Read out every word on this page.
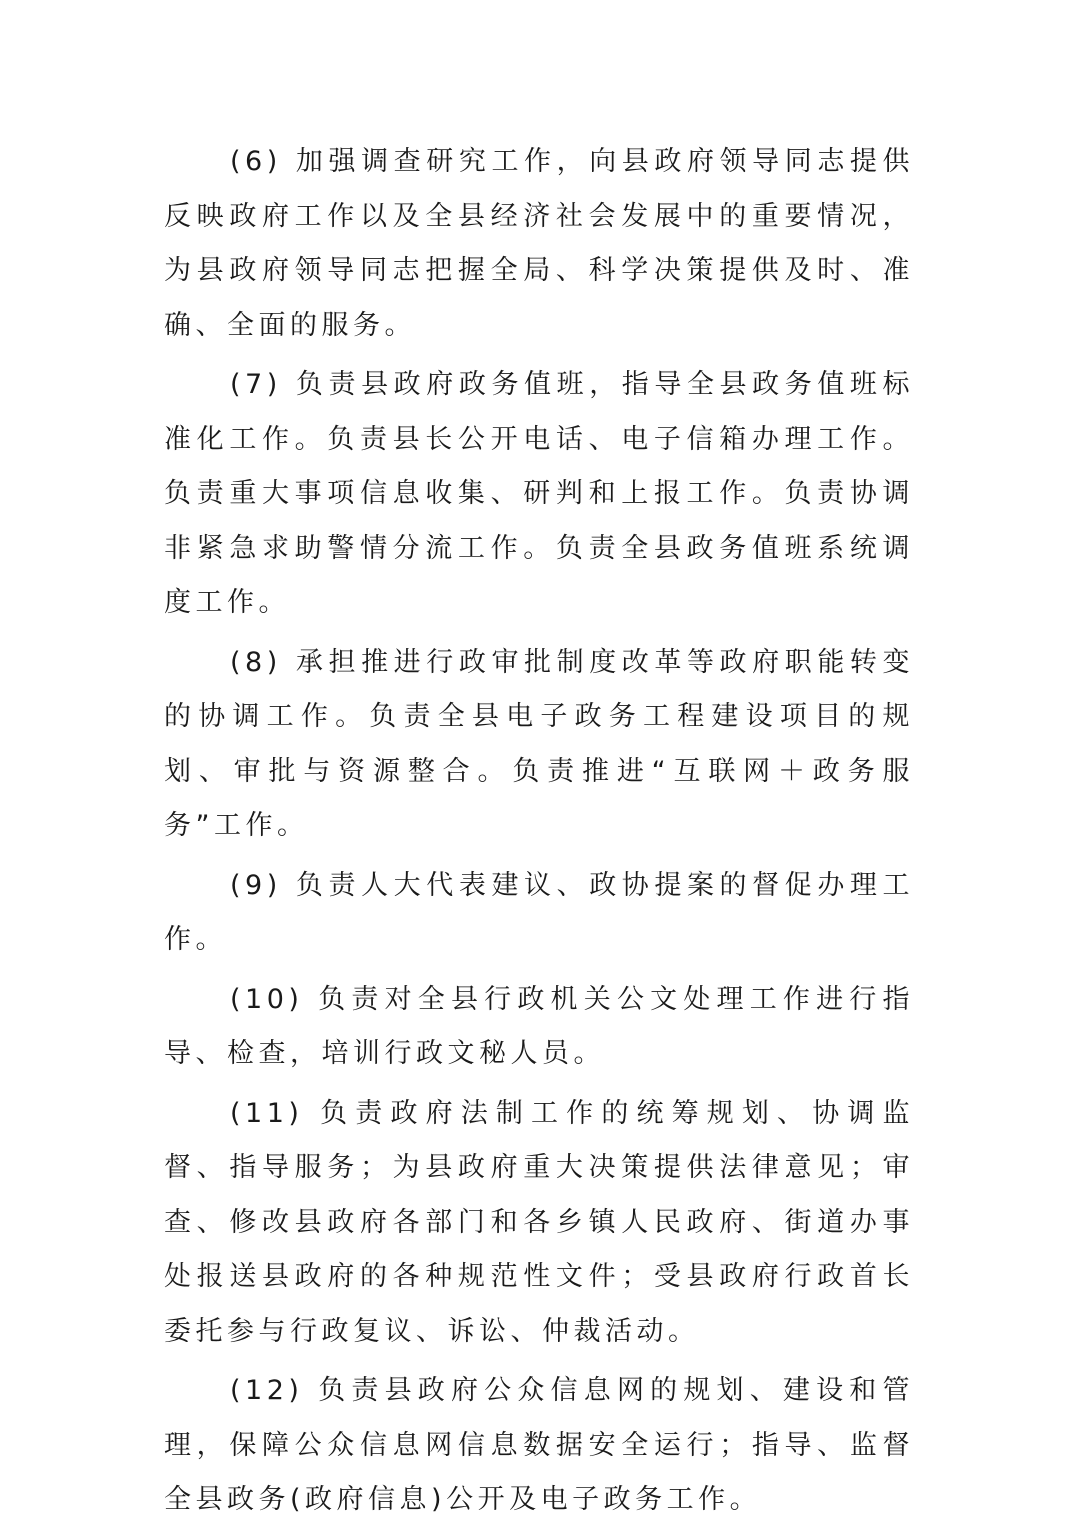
(6) 加强调查研究工作，向县政府领导同志提供反映政府工作以及全县经济社会发展中的重要情况，为县政府领导同志把握全局、科学决策提供及时、准确、全面的服务。

(7) 负责县政府政务值班，指导全县政务值班标准化工作。负责县长公开电话、电子信箱办理工作。负责重大事项信息收集、研判和上报工作。负责协调非紧急求助警情分流工作。负责全县政务值班系统调度工作。

(8) 承担推进行政审批制度改革等政府职能转变的协调工作。负责全县电子政务工程建设项目的规划、审批与资源整合。负责推进“互联网＋政务服务”工作。

(9) 负责人大代表建议、政协提案的督促办理工作。

(10) 负责对全县行政机关公文处理工作进行指导、检查，培训行政文秘人员。

(11) 负责政府法制工作的统筹规划、协调监督、指导服务；为县政府重大决策提供法律意见；审查、修改县政府各部门和各乡镇人民政府、街道办事处报送县政府的各种规范性文件；受县政府行政首长委托参与行政复议、诉讼、仲裁活动。

(12) 负责县政府公众信息网的规划、建设和管理，保障公众信息网信息数据安全运行；指导、监督全县政务(政府信息)公开及电子政务工作。
